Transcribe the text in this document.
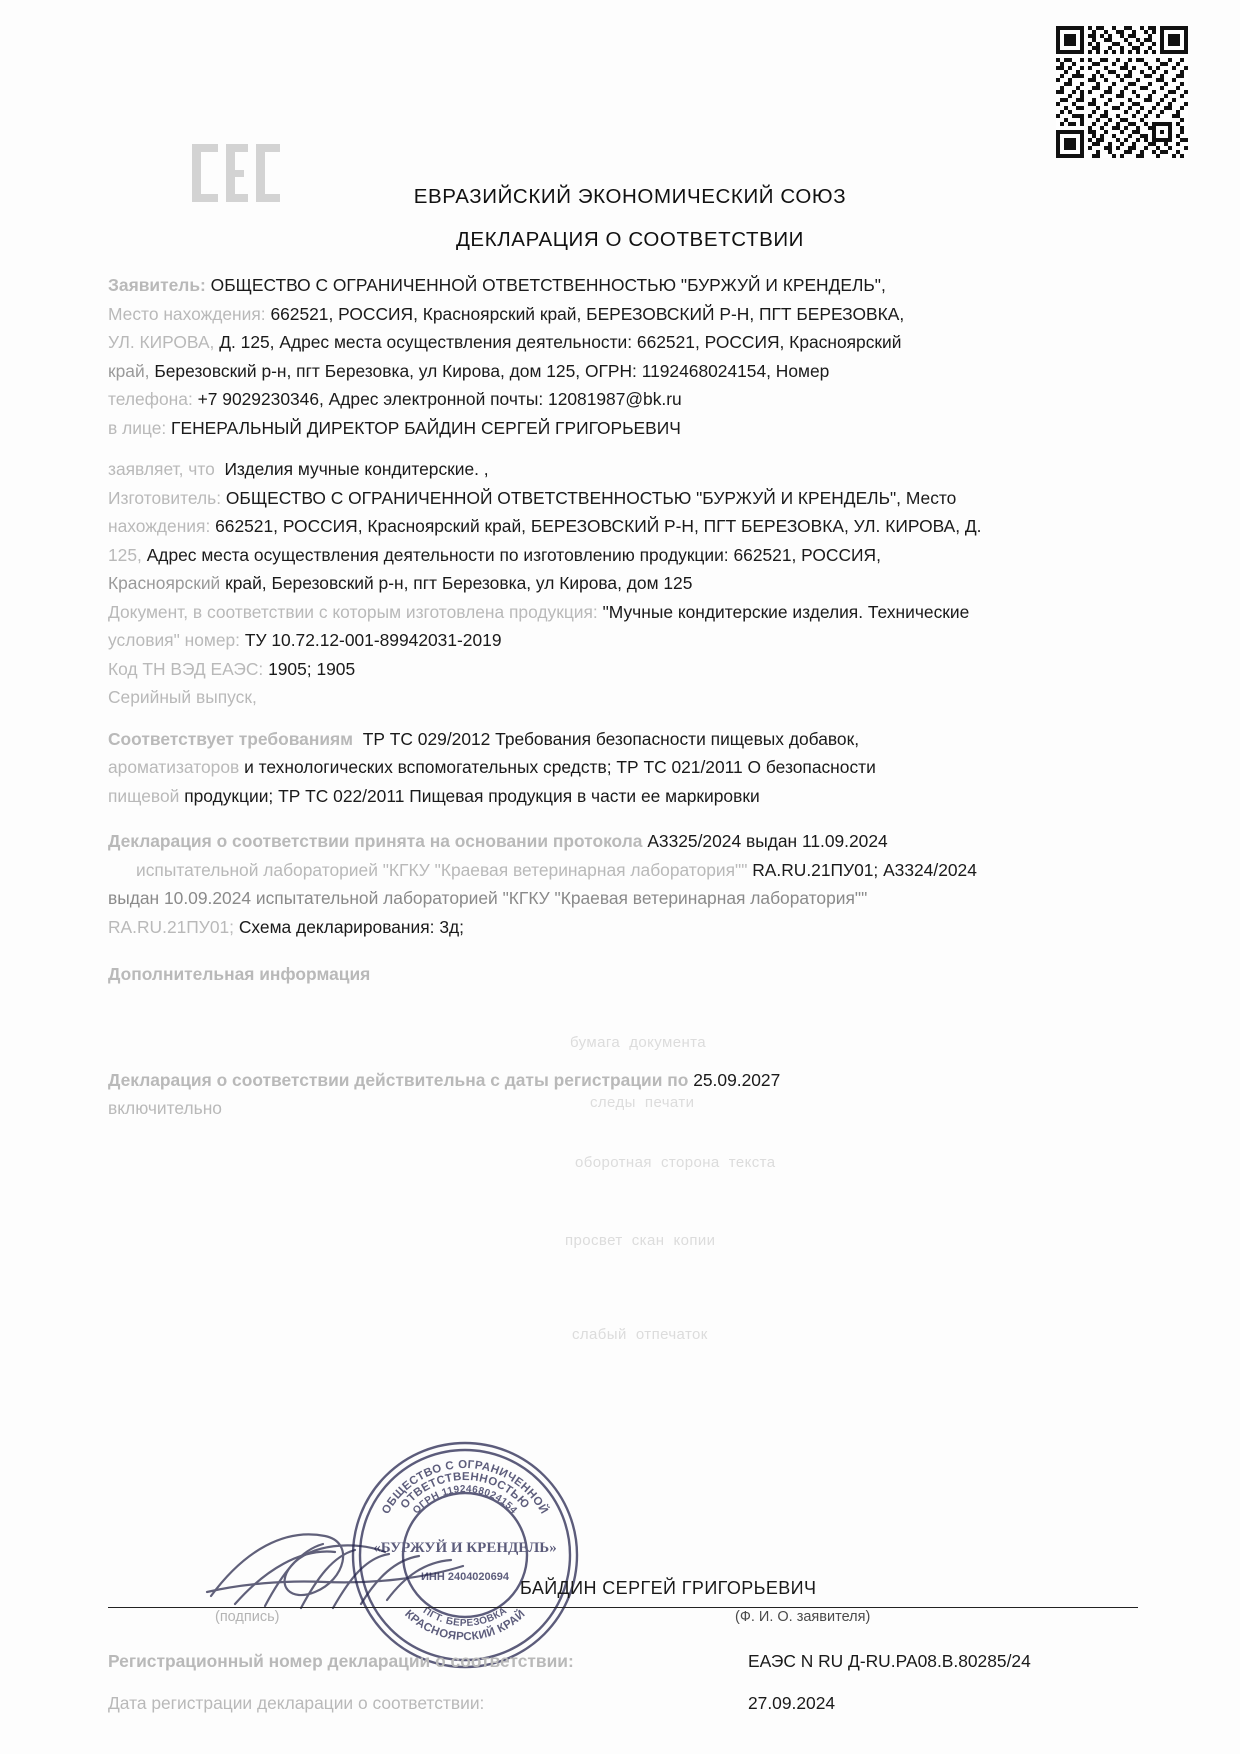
ЕВРАЗИЙСКИЙ ЭКОНОМИЧЕСКИЙ СОЮЗ
ДЕКЛАРАЦИЯ О СООТВЕТСТВИИ

Заявитель: ОБЩЕСТВО С ОГРАНИЧЕННОЙ ОТВЕТСТВЕННОСТЬЮ "БУРЖУЙ И КРЕНДЕЛЬ",

Место нахождения: 662521, РОССИЯ, Красноярский край, БЕРЕЗОВСКИЙ Р-Н, ПГТ БЕРЕЗОВКА,

УЛ. КИРОВА, Д. 125, Адрес места осуществления деятельности: 662521, РОССИЯ, Красноярский

край, Березовский р-н, пгт Березовка, ул Кирова, дом 125, ОГРН: 1192468024154, Номер

телефона: +7 9029230346, Адрес электронной почты: 12081987@bk.ru

в лице: ГЕНЕРАЛЬНЫЙ ДИРЕКТОР БАЙДИН СЕРГЕЙ ГРИГОРЬЕВИЧ

заявляет, что Изделия мучные кондитерские. ,

Изготовитель: ОБЩЕСТВО С ОГРАНИЧЕННОЙ ОТВЕТСТВЕННОСТЬЮ "БУРЖУЙ И КРЕНДЕЛЬ", Место

нахождения: 662521, РОССИЯ, Красноярский край, БЕРЕЗОВСКИЙ Р-Н, ПГТ БЕРЕЗОВКА, УЛ. КИРОВА, Д.

125, Адрес места осуществления деятельности по изготовлению продукции: 662521, РОССИЯ,

Красноярский край, Березовский р-н, пгт Березовка, ул Кирова, дом 125

Документ, в соответствии с которым изготовлена продукция: "Мучные кондитерские изделия. Технические

условия" номер: ТУ 10.72.12-001-89942031-2019

Код ТН ВЭД ЕАЭС: 1905; 1905

Серийный выпуск,

Соответствует требованиям ТР ТС 029/2012 Требования безопасности пищевых добавок,

ароматизаторов и технологических вспомогательных средств; ТР ТС 021/2011 О безопасности

пищевой продукции; ТР ТС 022/2011 Пищевая продукция в части ее маркировки

Декларация о соответствии принята на основании протокола А3325/2024 выдан 11.09.2024

испытательной лабораторией "КГКУ "Краевая ветеринарная лаборатория"" RA.RU.21ПУ01; А3324/2024

выдан 10.09.2024 испытательной лабораторией "КГКУ "Краевая ветеринарная лаборатория""

RA.RU.21ПУ01; Схема декларирования: 3д;

Дополнительная информация

Декларация о соответствии действительна с даты регистрации по 25.09.2027

включительно

бумага  документа
следы  печати
оборотная  сторона  текста
просвет  скан  копии
слабый  отпечаток
ОБЩЕСТВО С ОГРАНИЧЕННОЙ
ОТВЕТСТВЕННОСТЬЮ
ОГРН 1192468024154
КРАСНОЯРСКИЙ КРАЙ
ПГТ. БЕРЕЗОВКА
«БУРЖУЙ И КРЕНДЕЛЬ»
ИНН 2404020694
БАЙДИН СЕРГЕЙ ГРИГОРЬЕВИЧ
(подпись)	(Ф. И. О. заявителя)
Регистрационный номер декларации о соответствии:	ЕАЭС N RU Д-RU.РА08.В.80285/24
Дата регистрации декларации о соответствии:	27.09.2024
